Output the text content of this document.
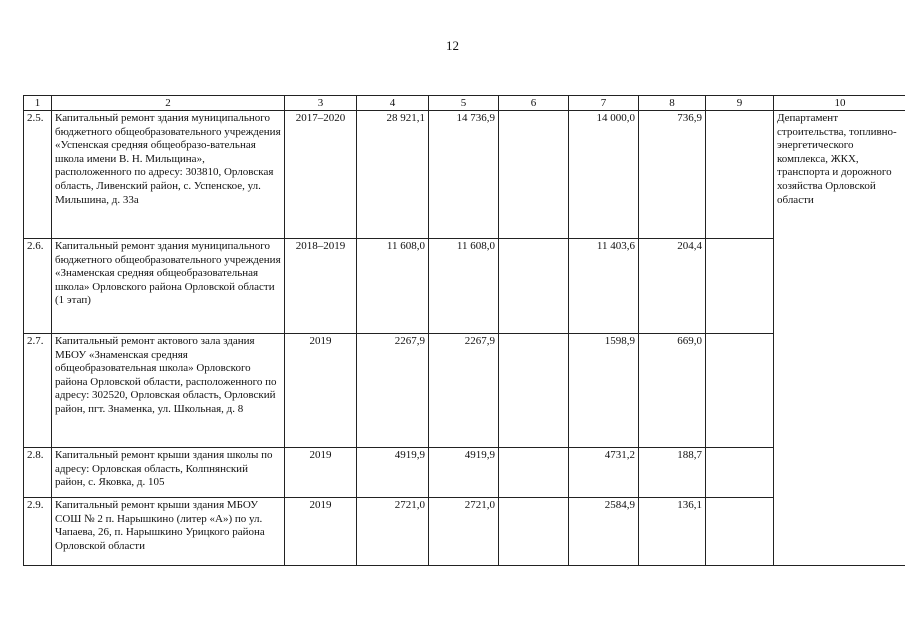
12
1	2	3	4	5	6	7	8	9	10
2.5.	Капитальный ремонт здания муниципального бюджетного общеобразовательного учреждения «Успенская средняя общеобразо-вательная школа имени В. Н. Мильщина», расположенного по адресу: 303810, Орловская область, Ливенский район, с. Успенское, ул. Мильшина, д. 33а	2017–2020	28 921,1	14 736,9		14 000,0	736,9		Департамент строительства, топливно-энергетического комплекса, ЖКХ, транспорта и дорожного хозяйства Орловской области
2.6.	Капитальный ремонт здания муниципального бюджетного общеобразовательного учреждения «Знаменская средняя общеобразовательная школа» Орловского района Орловской области (1 этап)	2018–2019	11 608,0	11 608,0		11 403,6	204,4		
2.7.	Капитальный ремонт актового зала здания МБОУ «Знаменская средняя общеобразовательная школа» Орловского района Орловской области, расположенного по адресу: 302520, Орловская область, Орловский район, пгт. Знаменка, ул. Школьная, д. 8	2019	2267,9	2267,9		1598,9	669,0		
2.8.	Капитальный ремонт крыши здания школы по адресу: Орловская область, Колпнянский район, с. Яковка, д. 105	2019	4919,9	4919,9		4731,2	188,7		
2.9.	Капитальный ремонт крыши здания МБОУ СОШ № 2 п. Нарышкино (литер «А») по ул. Чапаева, 26, п. Нарышкино Урицкого района Орловской области	2019	2721,0	2721,0		2584,9	136,1		
